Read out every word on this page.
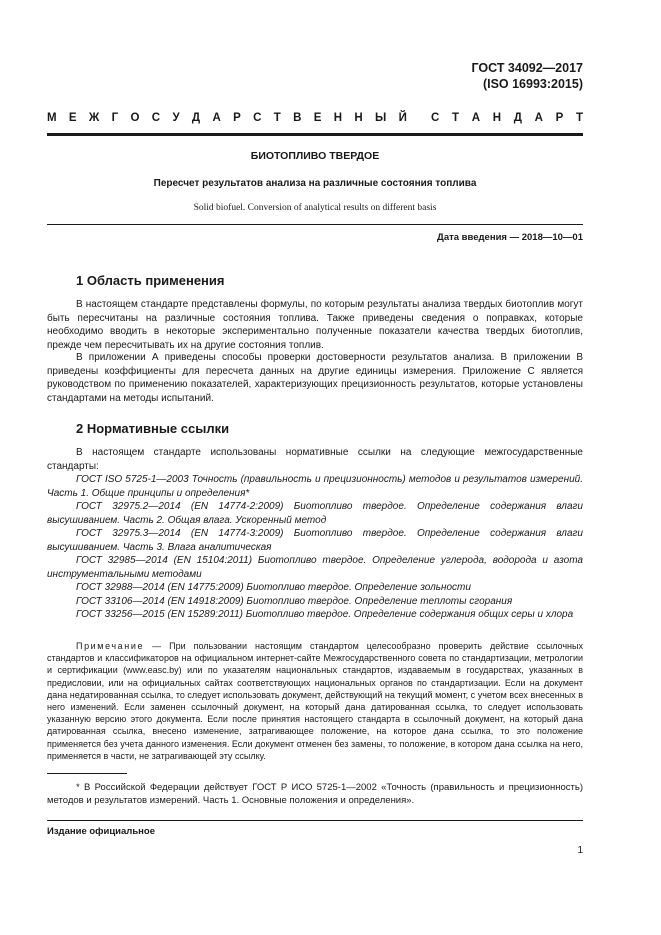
ГОСТ 34092—2017
(ISO 16993:2015)
М Е Ж Г О С У Д А Р С Т В Е Н Н Ы Й С Т А Н Д А Р Т
БИОТОПЛИВО ТВЕРДОЕ
Пересчет результатов анализа на различные состояния топлива
Solid biofuel. Conversion of analytical results on different basis
Дата введения — 2018—10—01
1 Область применения

В настоящем стандарте представлены формулы, по которым результаты анализа твердых биотоплив могут быть пересчитаны на различные состояния топлива. Также приведены сведения о поправках, которые необходимо вводить в некоторые экспериментально полученные показатели качества твердых биотоплив, прежде чем пересчитывать их на другие состояния топлив.

В приложении А приведены способы проверки достоверности результатов анализа. В приложении В приведены коэффициенты для пересчета данных на другие единицы измерения. Приложение С является руководством по применению показателей, характеризующих прецизионность результатов, которые установлены стандартами на методы испытаний.

2 Нормативные ссылки

В настоящем стандарте использованы нормативные ссылки на следующие межгосударственные стандарты:

ГОСТ ISO 5725-1—2003 Точность (правильность и прецизионность) методов и результатов измерений. Часть 1. Общие принципы и определения*

ГОСТ 32975.2—2014 (EN 14774-2:2009) Биотопливо твердое. Определение содержания влаги высушиванием. Часть 2. Общая влага. Ускоренный метод

ГОСТ 32975.3—2014 (EN 14774-3:2009) Биотопливо твердое. Определение содержания влаги высушиванием. Часть 3. Влага аналитическая

ГОСТ 32985—2014 (EN 15104:2011) Биотопливо твердое. Определение углерода, водорода и азота инструментальными методами

ГОСТ 32988—2014 (EN 14775:2009) Биотопливо твердое. Определение зольности

ГОСТ 33106—2014 (EN 14918:2009) Биотопливо твердое. Определение теплоты сгорания

ГОСТ 33256—2015 (EN 15289:2011) Биотопливо твердое. Определение содержания общих серы и хлора

Примечание — При пользовании настоящим стандартом целесообразно проверить действие ссылочных стандартов и классификаторов на официальном интернет-сайте Межгосударственного совета по стандартизации, метрологии и сертификации (www.easc.by) или по указателям национальных стандартов, издаваемым в государствах, указанных в предисловии, или на официальных сайтах соответствующих национальных органов по стандартизации. Если на документ дана недатированная ссылка, то следует использовать документ, действующий на текущий момент, с учетом всех внесенных в него изменений. Если заменен ссылочный документ, на который дана датированная ссылка, то следует использовать указанную версию этого документа. Если после принятия настоящего стандарта в ссылочный документ, на который дана датированная ссылка, внесено изменение, затрагивающее положение, на которое дана ссылка, то это положение применяется без учета данного изменения. Если документ отменен без замены, то положение, в котором дана ссылка на него, применяется в части, не затрагивающей эту ссылку.

* В Российской Федерации действует ГОСТ Р ИСО 5725-1—2002 «Точность (правильность и прецизионность) методов и результатов измерений. Часть 1. Основные положения и определения».

Издание официальное
1
